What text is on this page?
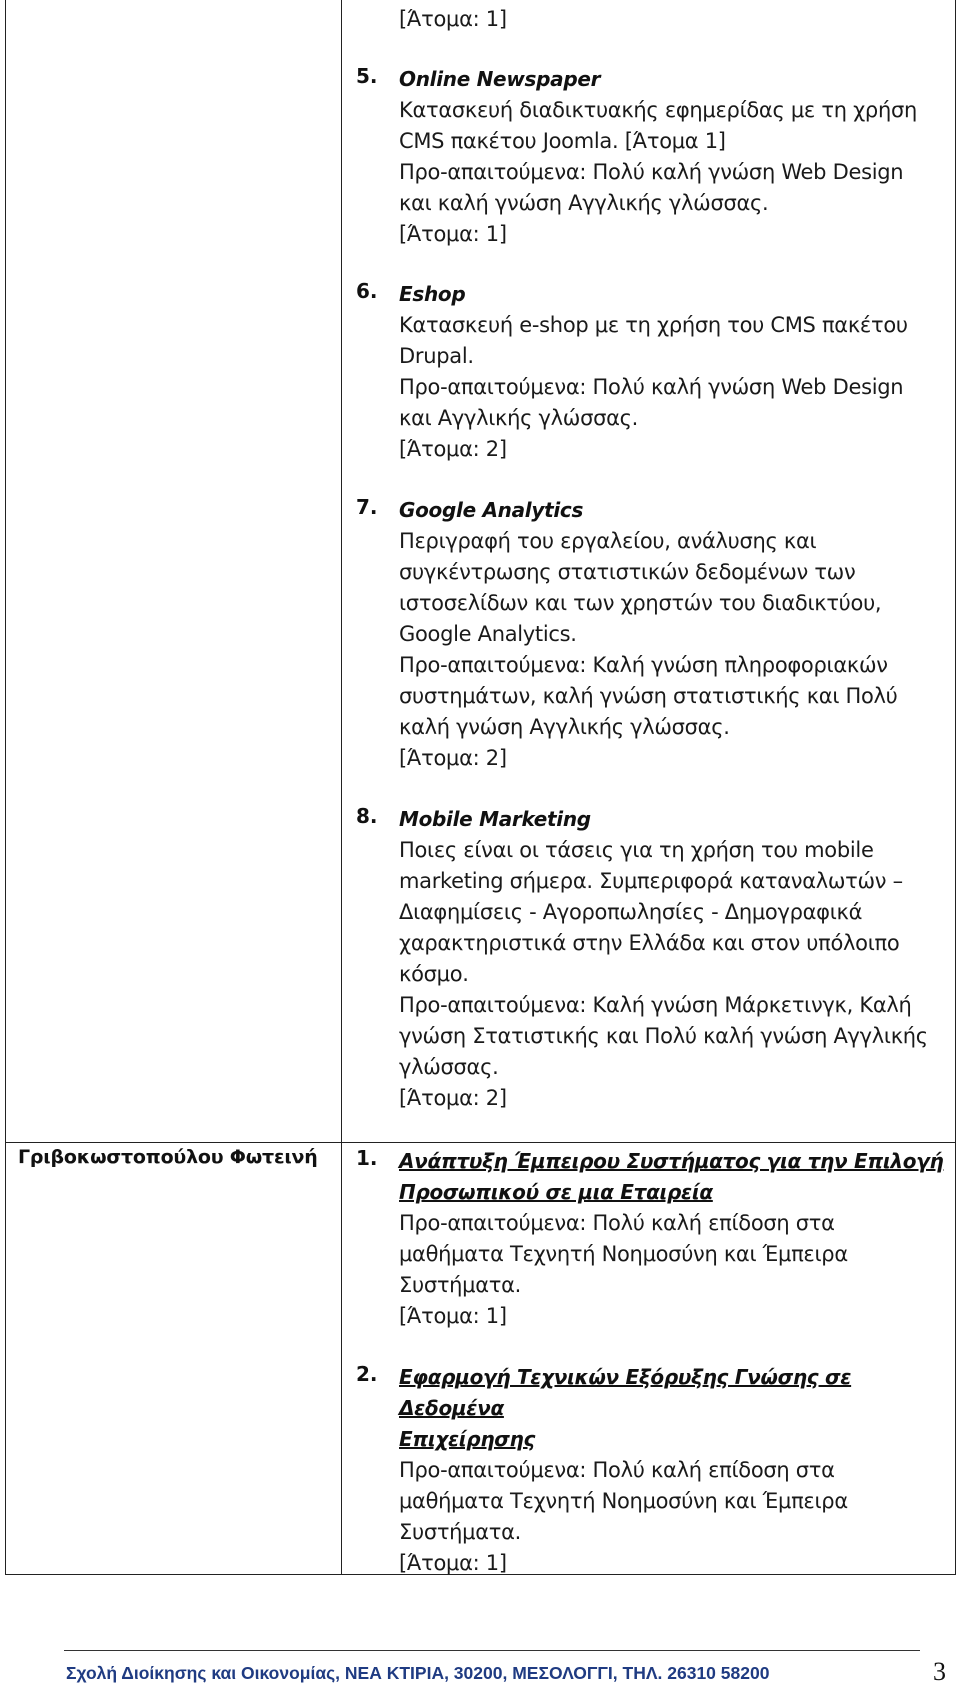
[Άτομα: 1]
5. Online Newspaper
Κατασκευή διαδικτυακής εφημερίδας με τη χρήση
CMS πακέτου Joomla. [Άτομα 1]
Προ-απαιτούμενα: Πολύ καλή γνώση Web Design
και καλή γνώση Αγγλικής γλώσσας.
[Άτομα: 1]
6. Eshop
Κατασκευή e-shop με τη χρήση του CMS πακέτου
Drupal.
Προ-απαιτούμενα: Πολύ καλή γνώση Web Design
και Αγγλικής γλώσσας.
[Άτομα: 2]
7. Google Analytics
Περιγραφή του εργαλείου, ανάλυσης και
συγκέντρωσης στατιστικών δεδομένων των
ιστοσελίδων και των χρηστών του διαδικτύου,
Google Analytics.
Προ-απαιτούμενα: Καλή γνώση πληροφοριακών
συστημάτων, καλή γνώση στατιστικής και Πολύ
καλή γνώση Αγγλικής γλώσσας.
[Άτομα: 2]
8. Mobile Marketing
Ποιες είναι οι τάσεις για τη χρήση του mobile
marketing σήμερα. Συμπεριφορά καταναλωτών –
Διαφημίσεις - Αγοροπωλησίες - Δημογραφικά
χαρακτηριστικά στην Ελλάδα και στον υπόλοιπο
κόσμο.
Προ-απαιτούμενα: Καλή γνώση Μάρκετινγκ, Καλή
γνώση Στατιστικής και Πολύ καλή γνώση Αγγλικής
γλώσσας.
[Άτομα: 2]
Γριβοκωστοπούλου Φωτεινή 1. Ανάπτυξη Έμπειρου Συστήματος για την Επιλογή
Προσωπικού σε μια Εταιρεία
Προ-απαιτούμενα: Πολύ καλή επίδοση στα
μαθήματα Τεχνητή Νοημοσύνη και Έμπειρα
Συστήματα.
[Άτομα: 1]
2. Εφαρμογή Τεχνικών Εξόρυξης Γνώσης σε Δεδομένα
Επιχείρησης
Προ-απαιτούμενα: Πολύ καλή επίδοση στα
μαθήματα Τεχνητή Νοημοσύνη και Έμπειρα
Συστήματα.
[Άτομα: 1]
Σχολή Διοίκησης και Οικονομίας, ΝΕΑ ΚΤΙΡΙΑ, 30200, ΜΕΣΟΛΟΓΓΙ, ΤΗΛ. 26310 58200	3
